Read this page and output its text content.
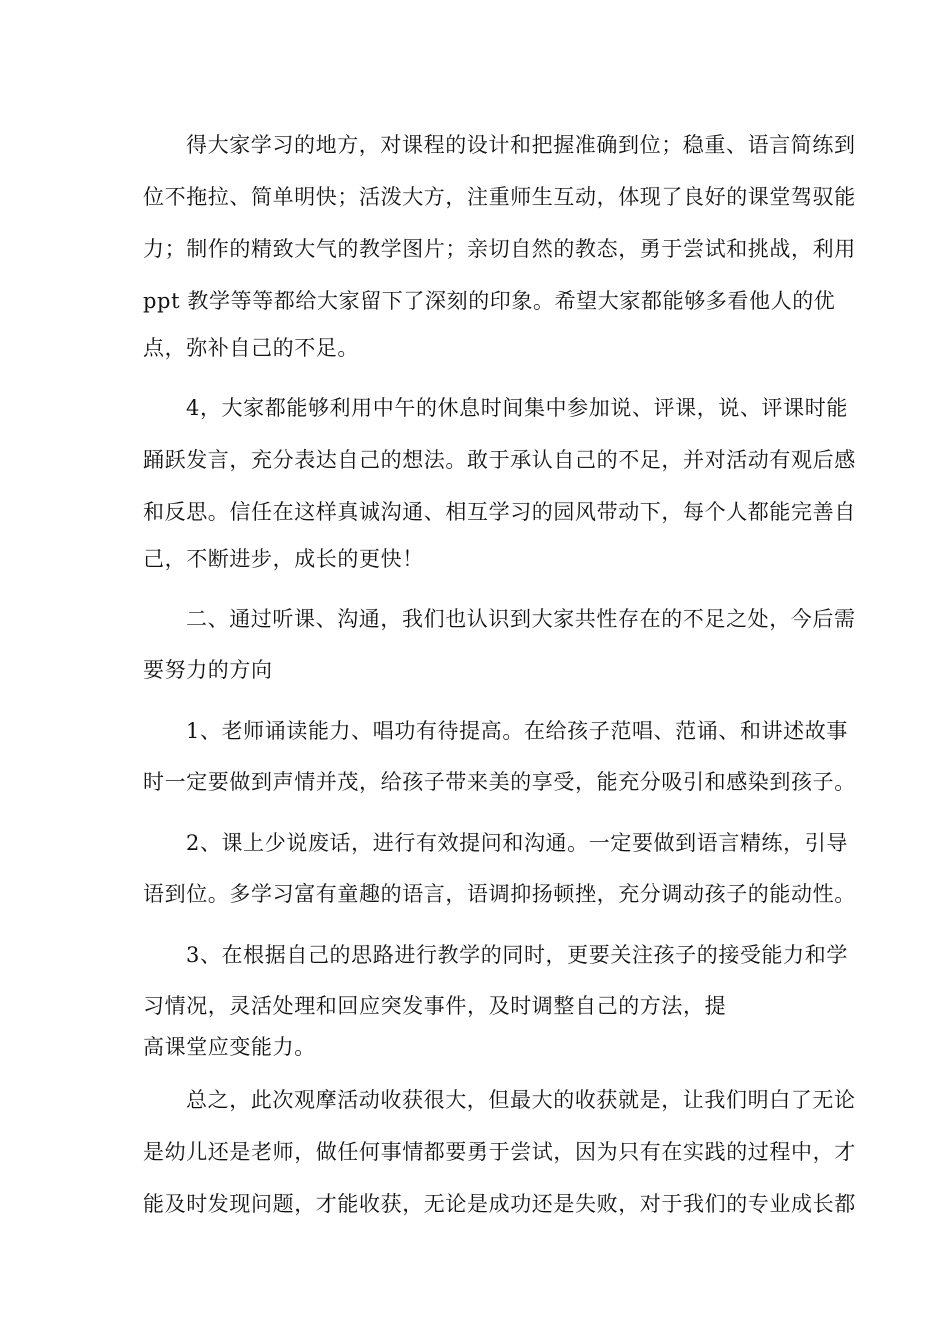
得大家学习的地方，对课程的设计和把握准确到位；稳重、语言简练到
位不拖拉、简单明快；活泼大方，注重师生互动，体现了良好的课堂驾驭能
力；制作的精致大气的教学图片；亲切自然的教态，勇于尝试和挑战，利用
ppt 教学等等都给大家留下了深刻的印象。希望大家都能够多看他人的优
点，弥补自己的不足。
4，大家都能够利用中午的休息时间集中参加说、评课，说、评课时能
踊跃发言，充分表达自己的想法。敢于承认自己的不足，并对活动有观后感
和反思。信任在这样真诚沟通、相互学习的园风带动下，每个人都能完善自
己，不断进步，成长的更快！
二、通过听课、沟通，我们也认识到大家共性存在的不足之处，今后需
要努力的方向
1、老师诵读能力、唱功有待提高。在给孩子范唱、范诵、和讲述故事
时一定要做到声情并茂，给孩子带来美的享受，能充分吸引和感染到孩子。
2、课上少说废话，进行有效提问和沟通。一定要做到语言精练，引导
语到位。多学习富有童趣的语言，语调抑扬顿挫，充分调动孩子的能动性。
3、在根据自己的思路进行教学的同时，更要关注孩子的接受能力和学
习情况，灵活处理和回应突发事件，及时调整自己的方法，提
高课堂应变能力。
总之，此次观摩活动收获很大，但最大的收获就是，让我们明白了无论
是幼儿还是老师，做任何事情都要勇于尝试，因为只有在实践的过程中，才
能及时发现问题，才能收获，无论是成功还是失败，对于我们的专业成长都
